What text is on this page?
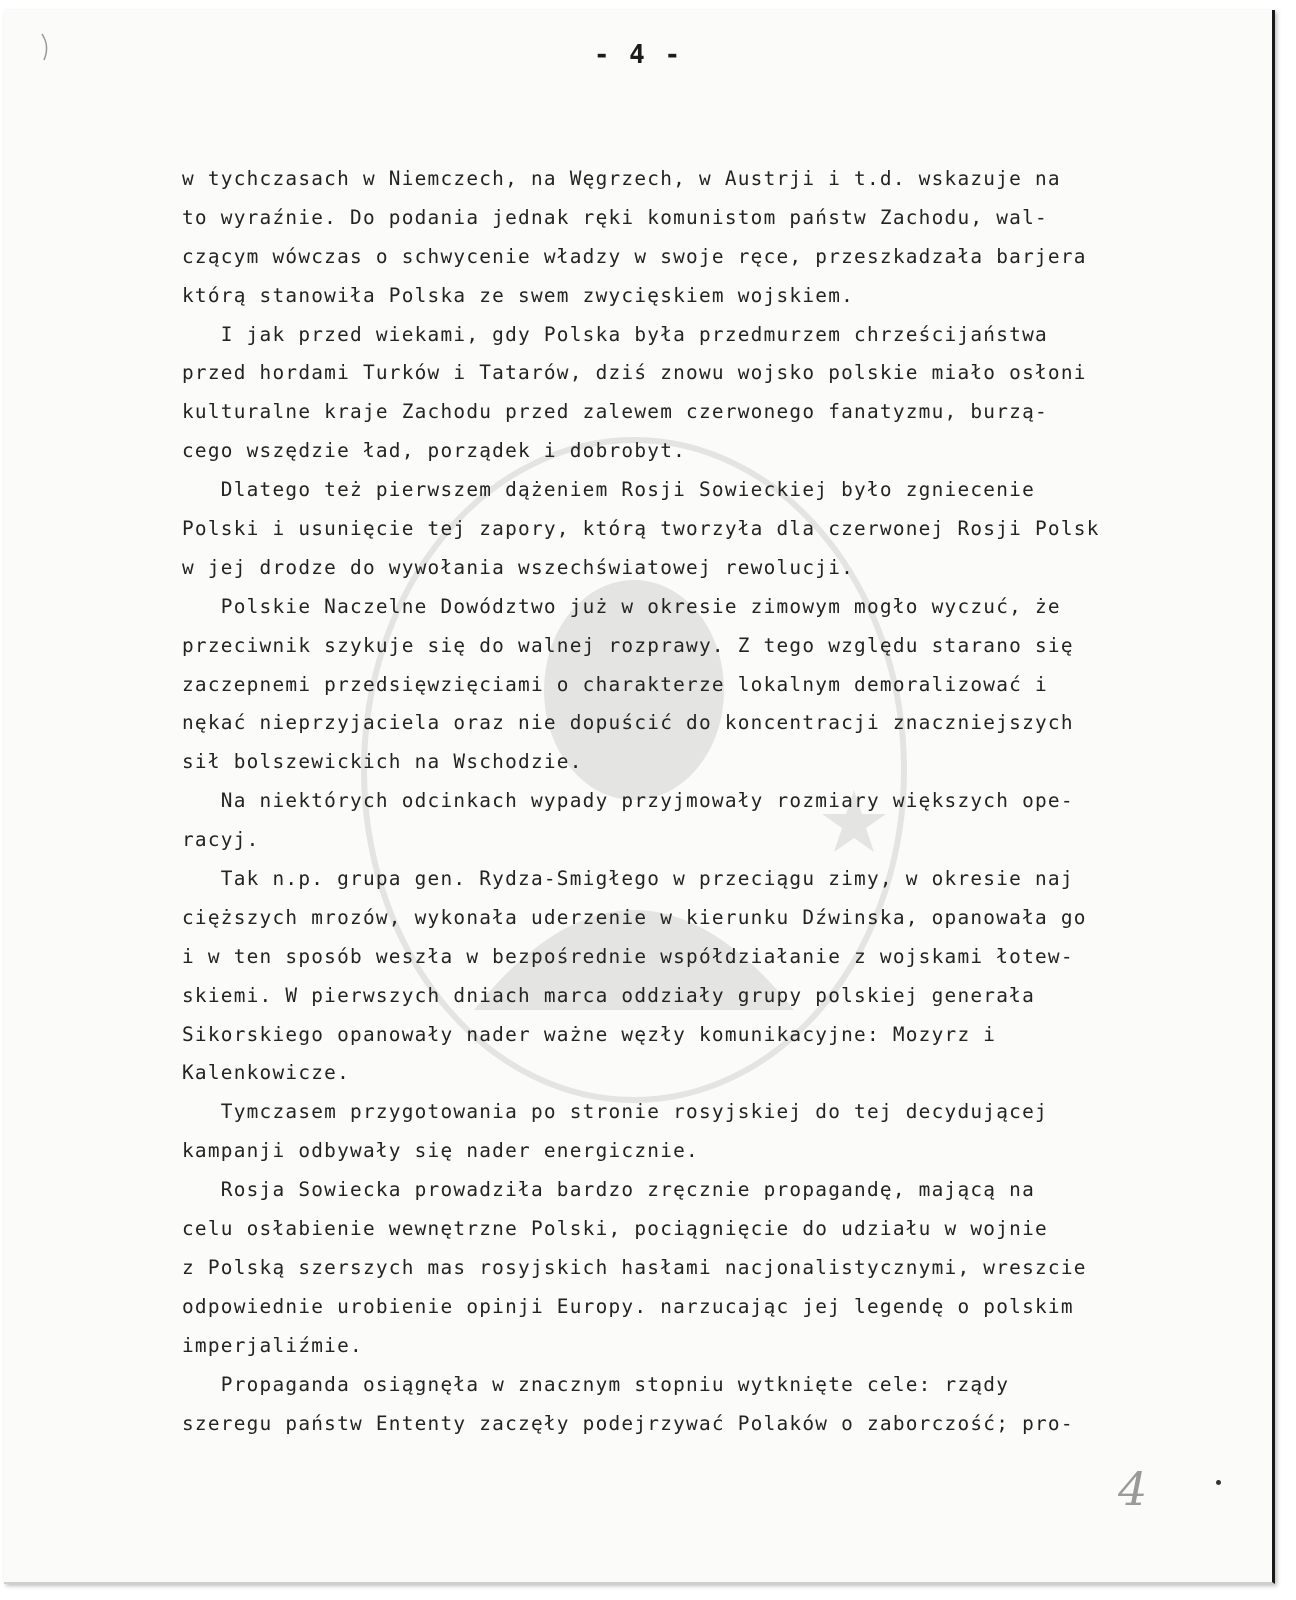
- 4 -
w tychczasach w Niemczech, na Węgrzech, w Austrji i t.d. wskazuje na
to wyraźnie. Do podania jednak ręki komunistom państw Zachodu, wal-
czącym wówczas o schwycenie władzy w swoje ręce, przeszkadzała barjera
którą stanowiła Polska ze swem zwycięskiem wojskiem.
I jak przed wiekami, gdy Polska była przedmurzem chrześcijaństwa
przed hordami Turków i Tatarów, dziś znowu wojsko polskie miało osłoni
kulturalne kraje Zachodu przed zalewem czerwonego fanatyzmu, burzą-
cego wszędzie ład, porządek i dobrobyt.
Dlatego też pierwszem dążeniem Rosji Sowieckiej było zgniecenie
Polski i usunięcie tej zapory, którą tworzyła dla czerwonej Rosji Polsk
w jej drodze do wywołania wszechświatowej rewolucji.
Polskie Naczelne Dowództwo już w okresie zimowym mogło wyczuć, że
przeciwnik szykuje się do walnej rozprawy. Z tego względu starano się
zaczepnemi przedsięwzięciami o charakterze lokalnym demoralizować i
nękać nieprzyjaciela oraz nie dopuścić do koncentracji znaczniejszych
sił bolszewickich na Wschodzie.
Na niektórych odcinkach wypady przyjmowały rozmiary większych ope-
racyj.
Tak n.p. grupa gen. Rydza-Smigłego w przeciągu zimy, w okresie naj
cięższych mrozów, wykonała uderzenie w kierunku Dźwinska, opanowała go
i w ten sposób weszła w bezpośrednie współdziałanie z wojskami łotew-
skiemi. W pierwszych dniach marca oddziały grupy polskiej generała
Sikorskiego opanowały nader ważne węzły komunikacyjne: Mozyrz i
Kalenkowicze.
Tymczasem przygotowania po stronie rosyjskiej do tej decydującej
kampanji odbywały się nader energicznie.
Rosja Sowiecka prowadziła bardzo zręcznie propagandę, mającą na
celu osłabienie wewnętrzne Polski, pociągnięcie do udziału w wojnie
z Polską szerszych mas rosyjskich hasłami nacjonalistycznymi, wreszcie
odpowiednie urobienie opinji Europy. narzucając jej legendę o polskim
imperjaliźmie.
Propaganda osiągnęła w znacznym stopniu wytknięte cele: rządy
szeregu państw Ententy zaczęły podejrzywać Polaków o zaborczość; pro-
4
